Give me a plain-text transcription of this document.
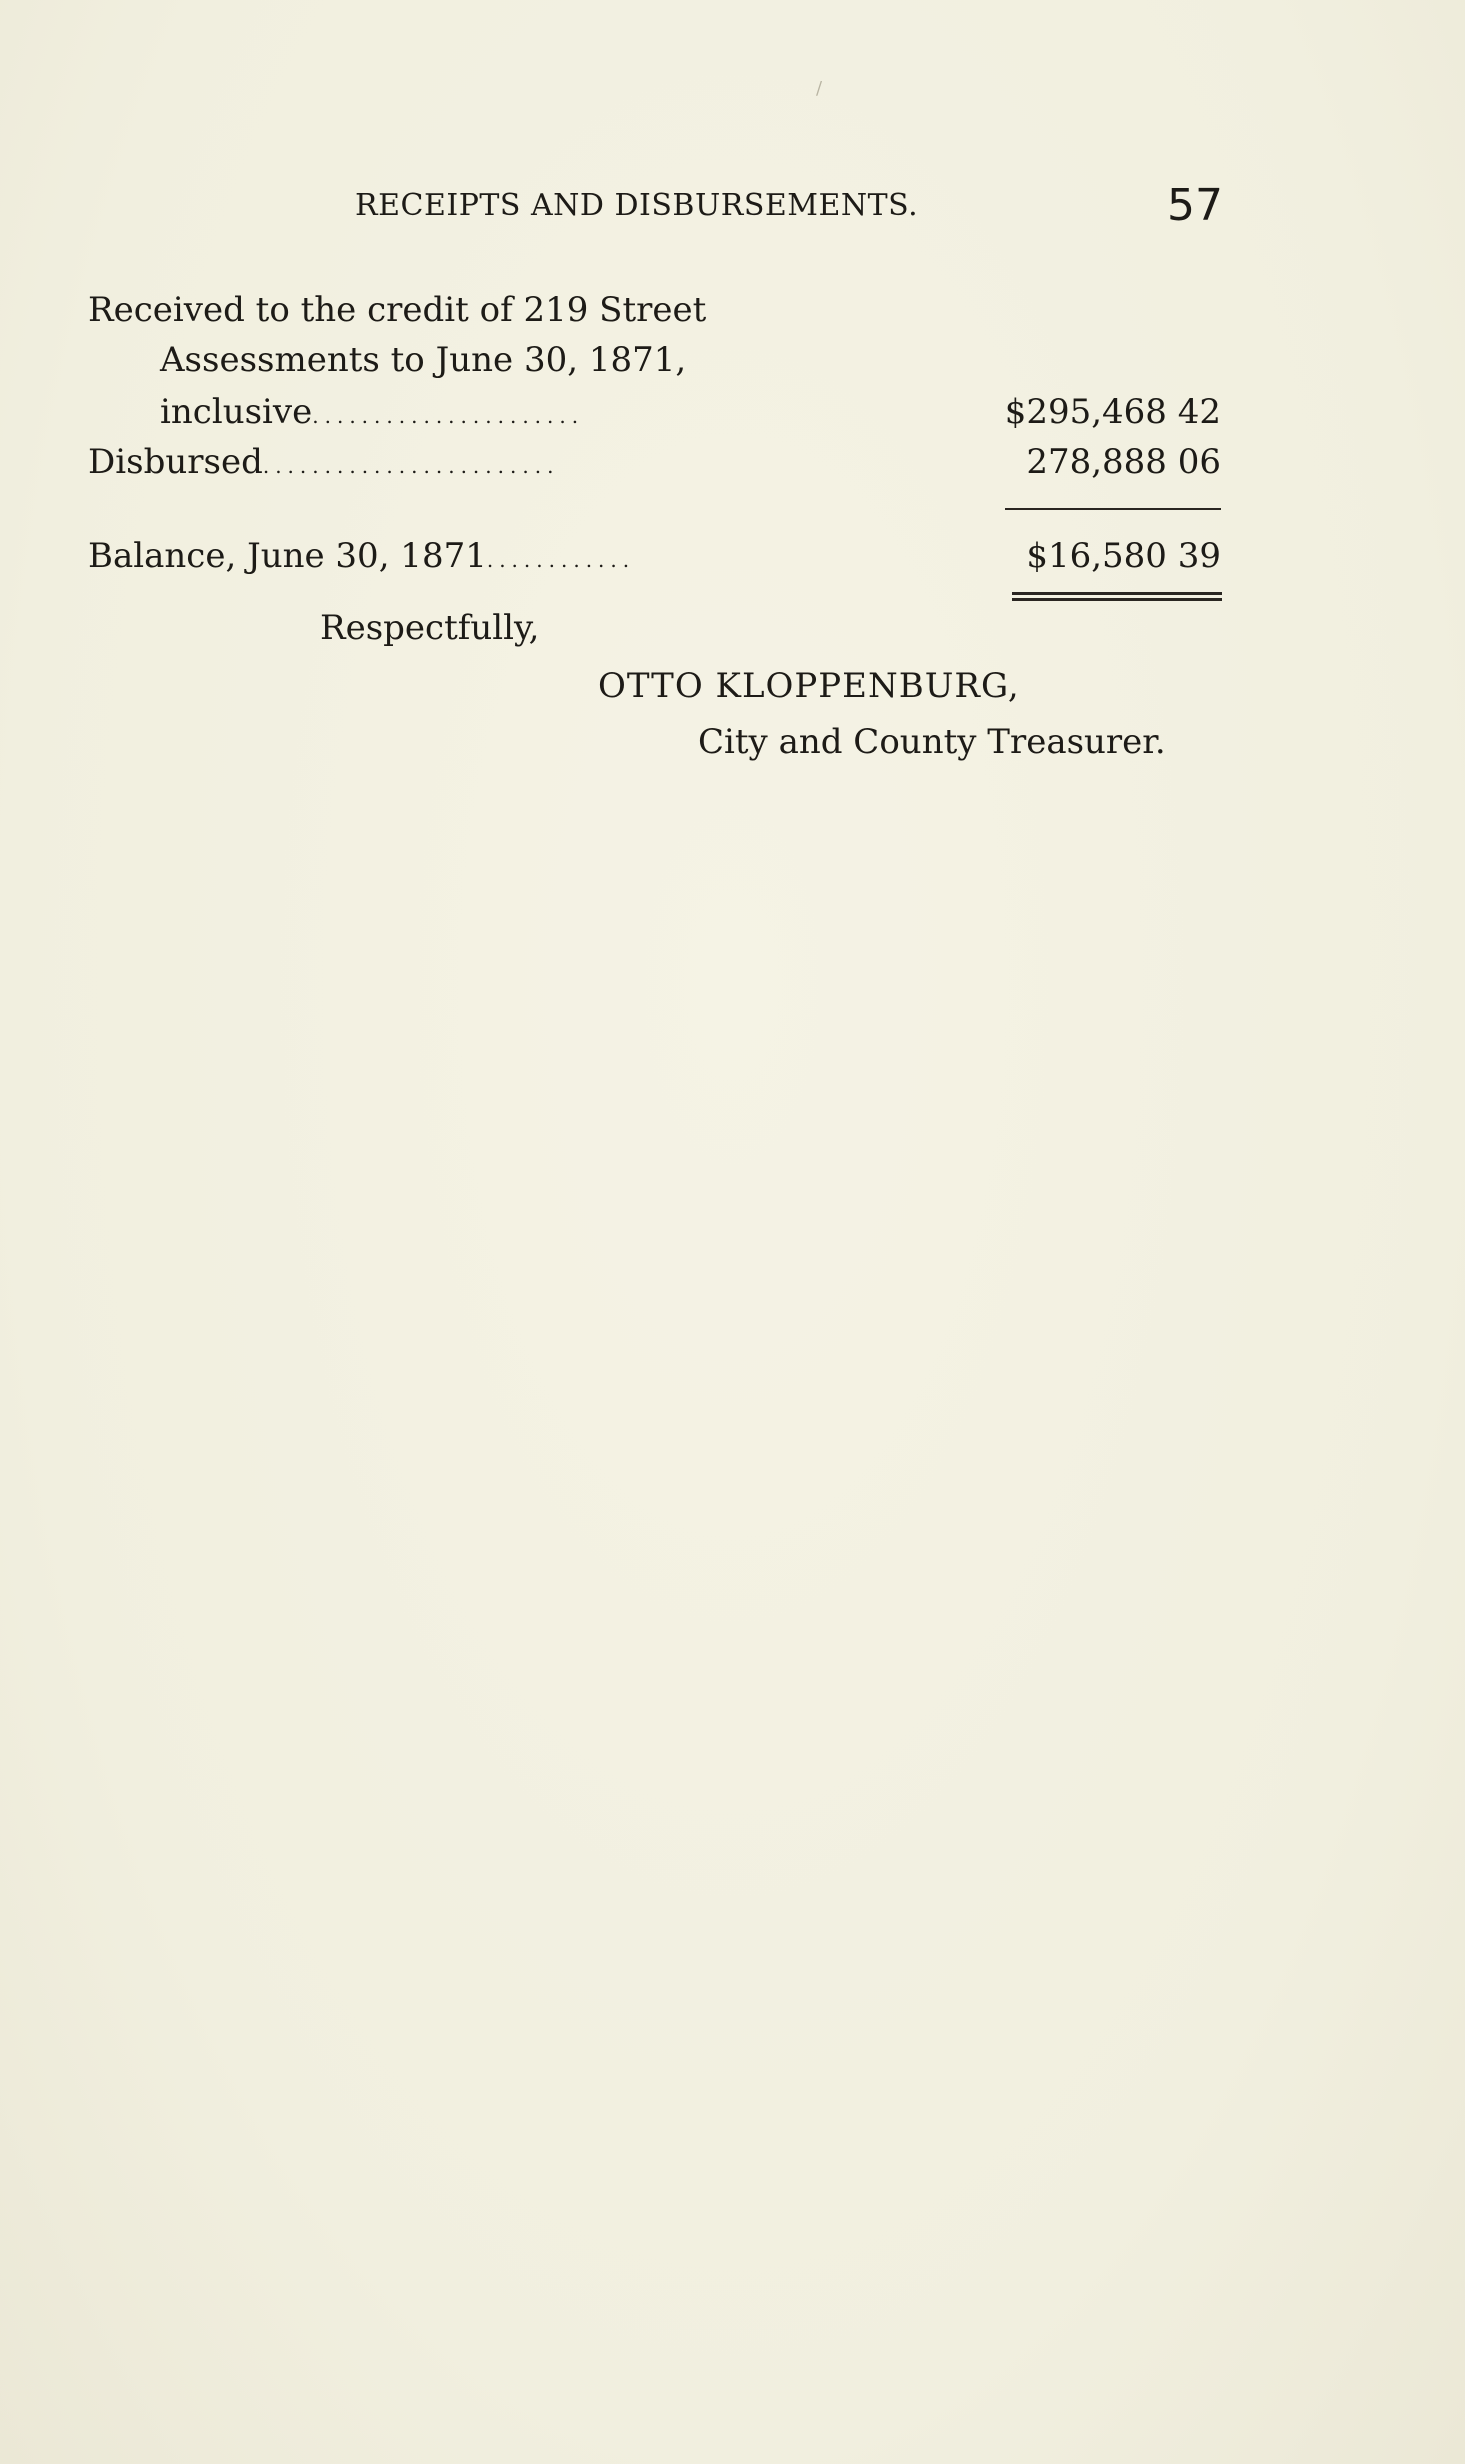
/
RECEIPTS AND DISBURSEMENTS.	57
Received to the credit of 219 Street
Assessments to June 30, 1871,
inclusive......................	$295,468 42
Disbursed........................	278,888 06
Balance, June 30, 1871............	$16,580 39
Respectfully,
OTTO KLOPPENBURG,
City and County Treasurer.
